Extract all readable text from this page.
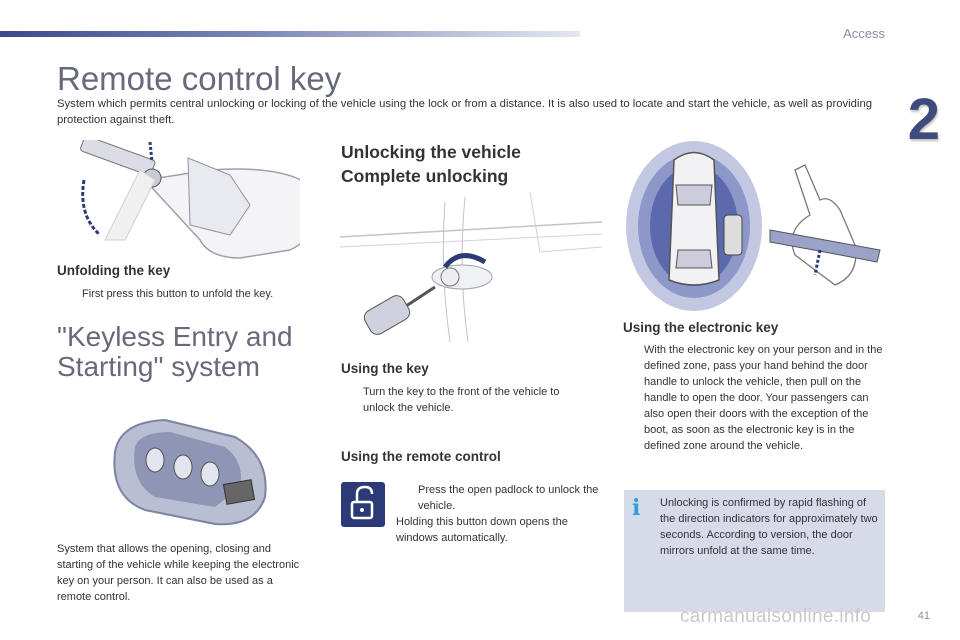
Access
2
Remote control key
System which permits central unlocking or locking of the vehicle using the lock or from a distance. It is also used to locate and start the vehicle, as well as providing protection against theft.
Unfolding the key
First press this button to unfold the key.
"Keyless Entry and
Starting" system
System that allows the opening, closing and starting of the vehicle while keeping the electronic key on your person. It can also be used as a remote control.
Unlocking the vehicle
Complete unlocking
Using the key
Turn the key to the front of the vehicle to unlock the vehicle.
Using the remote control
Press the open padlock to unlock the vehicle.
Holding this button down opens the windows automatically.
Using the electronic key
With the electronic key on your person and in the defined zone, pass your hand behind the door handle to unlock the vehicle, then pull on the handle to open the door. Your passengers can also open their doors with the exception of the boot, as soon as the electronic key is in the defined zone around the vehicle.
i Unlocking is confirmed by rapid flashing of the direction indicators for approximately two seconds. According to version, the door mirrors unfold at the same time.
carmanualsonline.info	41
